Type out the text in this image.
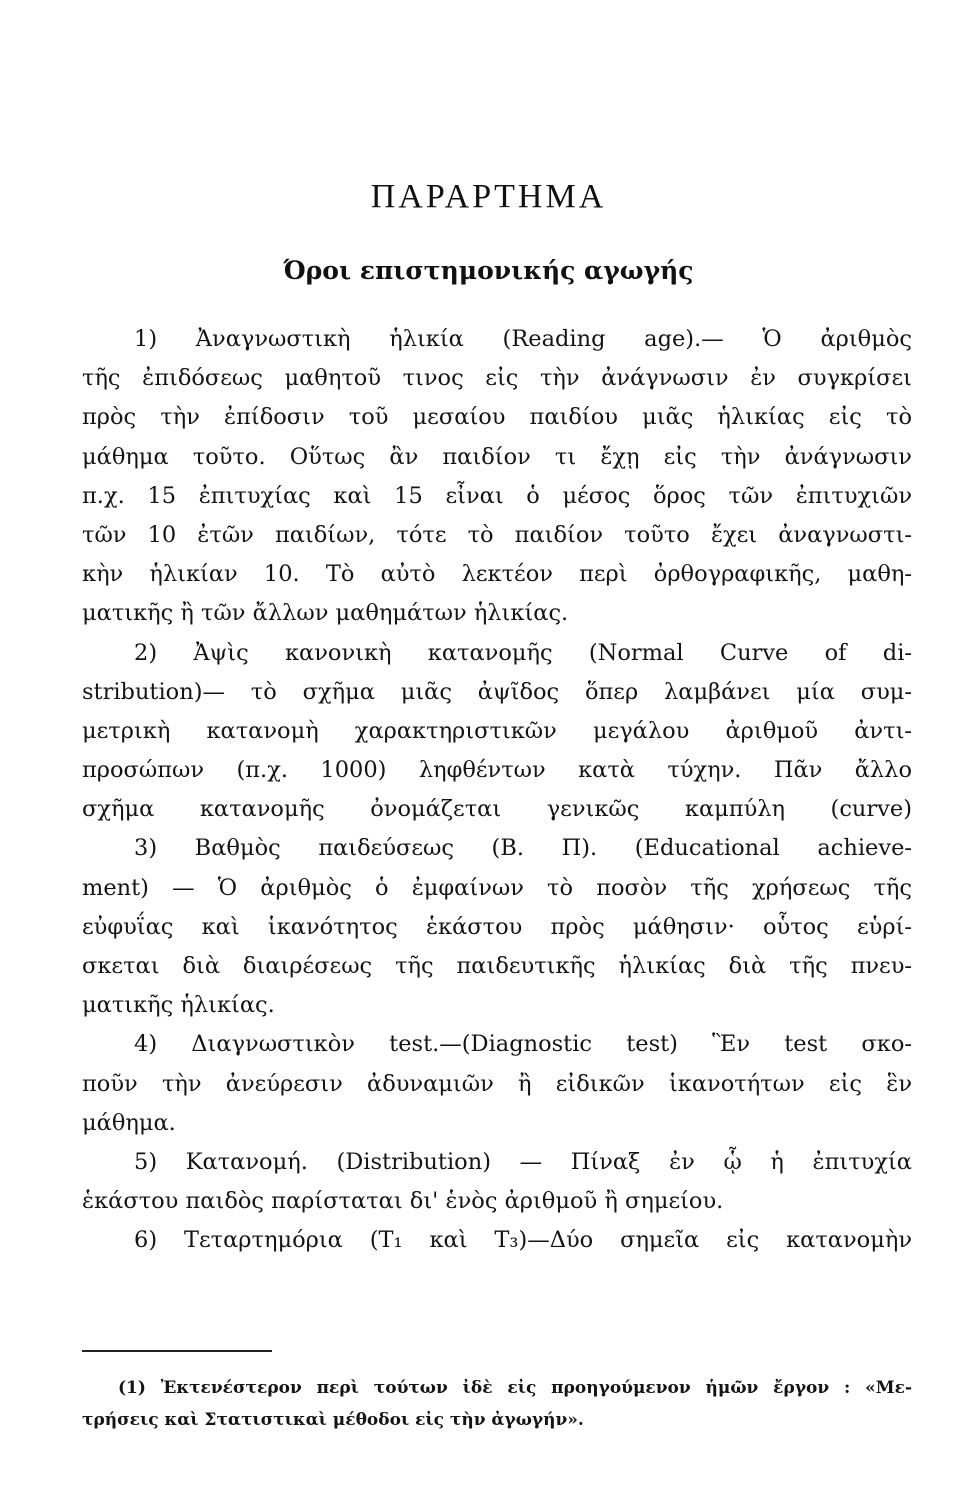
ΠΑΡΑΡΤΗΜΑ
Όροι επιστημονικής αγωγής
1) Ἀναγνωστικὴ ἡλικία (Reading age).— Ὁ ἀριθμὸς
τῆς ἐπιδόσεως μαθητοῦ τινος εἰς τὴν ἀνάγνωσιν ἐν συγκρίσει
πρὸς τὴν ἐπίδοσιν τοῦ μεσαίου παιδίου μιᾶς ἡλικίας εἰς τὸ
μάθημα τοῦτο. Οὕτως ἂν παιδίον τι ἔχῃ εἰς τὴν ἀνάγνωσιν
π.χ. 15 ἐπιτυχίας καὶ 15 εἶναι ὁ μέσος ὅρος τῶν ἐπιτυχιῶν
τῶν 10 ἐτῶν παιδίων, τότε τὸ παιδίον τοῦτο ἔχει ἀναγνωστι-
κὴν ἡλικίαν 10. Τὸ αὐτὸ λεκτέον περὶ ὀρθογραφικῆς, μαθη-
ματικῆς ἢ τῶν ἄλλων μαθημάτων ἡλικίας.
2) Ἀψὶς κανονικὴ κατανομῆς (Normal Curve of di-
stribution)— τὸ σχῆμα μιᾶς ἀψῖδος ὅπερ λαμβάνει μία συμ-
μετρικὴ κατανομὴ χαρακτηριστικῶν μεγάλου ἀριθμοῦ ἀντι-
προσώπων (π.χ. 1000) ληφθέντων κατὰ τύχην. Πᾶν ἄλλο
σχῆμα κατανομῆς ὀνομάζεται γενικῶς καμπύλη (curve)
3) Βαθμὸς παιδεύσεως (Β. Π). (Educational achieve-
ment) — Ὁ ἀριθμὸς ὁ ἐμφαίνων τὸ ποσὸν τῆς χρήσεως τῆς
εὐφυΐας καὶ ἱκανότητος ἑκάστου πρὸς μάθησιν· οὗτος εὑρί-
σκεται διὰ διαιρέσεως τῆς παιδευτικῆς ἡλικίας διὰ τῆς πνευ-
ματικῆς ἡλικίας.
4) Διαγνωστικὸν test.—(Diagnostic test) Ἓν test σκο-
ποῦν τὴν ἀνεύρεσιν ἀδυναμιῶν ἢ εἰδικῶν ἱκανοτήτων εἰς ἓν
μάθημα.
5) Κατανομή. (Distribution) — Πίναξ ἐν ᾧ ἡ ἐπιτυχία
ἑκάστου παιδὸς παρίσταται δι' ἑνὸς ἀριθμοῦ ἢ σημείου.
6) Τεταρτημόρια (Τ₁ καὶ Τ₃)—Δύο σημεῖα εἰς κατανομὴν
(1) Ἐκτενέστερον περὶ τούτων ἰδὲ εἰς προηγούμενον ἡμῶν ἔργον : «Με-
τρήσεις καὶ Στατιστικαὶ μέθοδοι εἰς τὴν ἀγωγήν».
